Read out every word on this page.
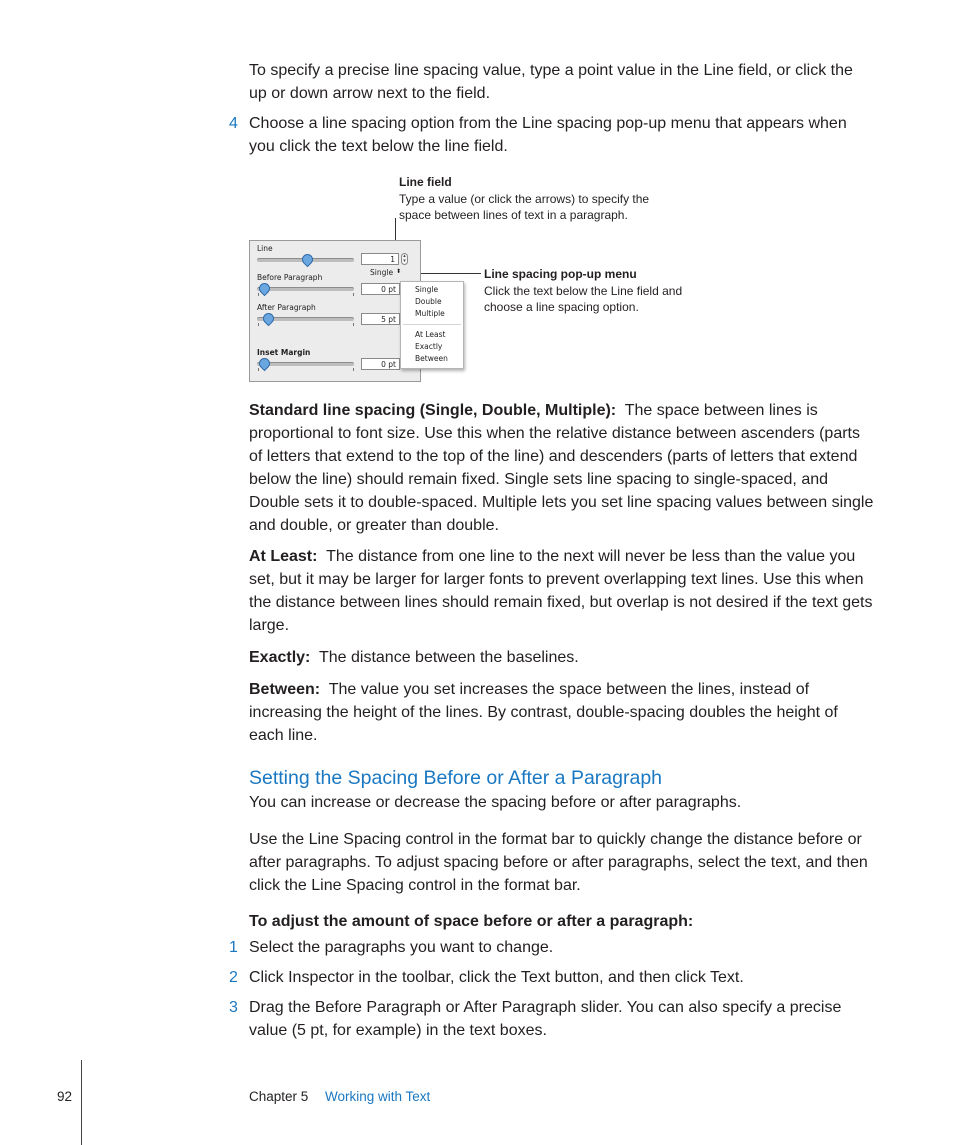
To specify a precise line spacing value, type a point value in the Line field, or click the up or down arrow next to the field.

4 Choose a line spacing option from the Line spacing pop-up menu that appears when you click the text below the line field.

Line field
Type a value (or click the arrows) to specify the space between lines of text in a paragraph.
Line spacing pop-up menu
Click the text below the Line field and choose a line spacing option.
Line
1	▴
▾
Single ⬍
Before Paragraph
0 pt
After Paragraph
5 pt
Inset Margin
0 pt
Single
Double
Multiple
At Least
Exactly
Between

Standard line spacing (Single, Double, Multiple): The space between lines is proportional to font size. Use this when the relative distance between ascenders (parts of letters that extend to the top of the line) and descenders (parts of letters that extend below the line) should remain fixed. Single sets line spacing to single-spaced, and Double sets it to double-spaced. Multiple lets you set line spacing values between single and double, or greater than double.

At Least: The distance from one line to the next will never be less than the value you set, but it may be larger for larger fonts to prevent overlapping text lines. Use this when the distance between lines should remain fixed, but overlap is not desired if the text gets large.

Exactly: The distance between the baselines.

Between: The value you set increases the space between the lines, instead of increasing the height of the lines. By contrast, double-spacing doubles the height of each line.

Setting the Spacing Before or After a Paragraph

You can increase or decrease the spacing before or after paragraphs.

Use the Line Spacing control in the format bar to quickly change the distance before or after paragraphs. To adjust spacing before or after paragraphs, select the text, and then click the Line Spacing control in the format bar.

To adjust the amount of space before or after a paragraph:

1 Select the paragraphs you want to change.

2 Click Inspector in the toolbar, click the Text button, and then click Text.

3 Drag the Before Paragraph or After Paragraph slider. You can also specify a precise value (5 pt, for example) in the text boxes.

92	Chapter 5 Working with Text
